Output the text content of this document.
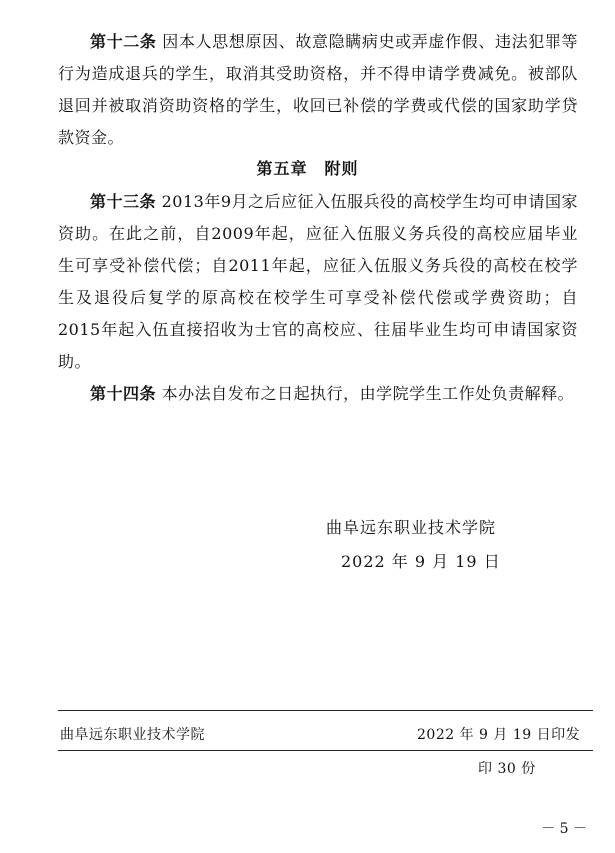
第十二条 因本人思想原因、故意隐瞒病史或弄虚作假、违法犯罪等行为造成退兵的学生，取消其受助资格，并不得申请学费减免。被部队退回并被取消资助资格的学生，收回已补偿的学费或代偿的国家助学贷款资金。
第五章　附则
第十三条 2013年9月之后应征入伍服兵役的高校学生均可申请国家资助。在此之前，自2009年起，应征入伍服义务兵役的高校应届毕业生可享受补偿代偿；自2011年起，应征入伍服义务兵役的高校在校学生及退役后复学的原高校在校学生可享受补偿代偿或学费资助；自2015年起入伍直接招收为士官的高校应、往届毕业生均可申请国家资助。
第十四条 本办法自发布之日起执行，由学院学生工作处负责解释。
曲阜远东职业技术学院
2022 年 9 月 19 日
曲阜远东职业技术学院	2022 年 9 月 19 日印发
印 30 份
－ 5 －
